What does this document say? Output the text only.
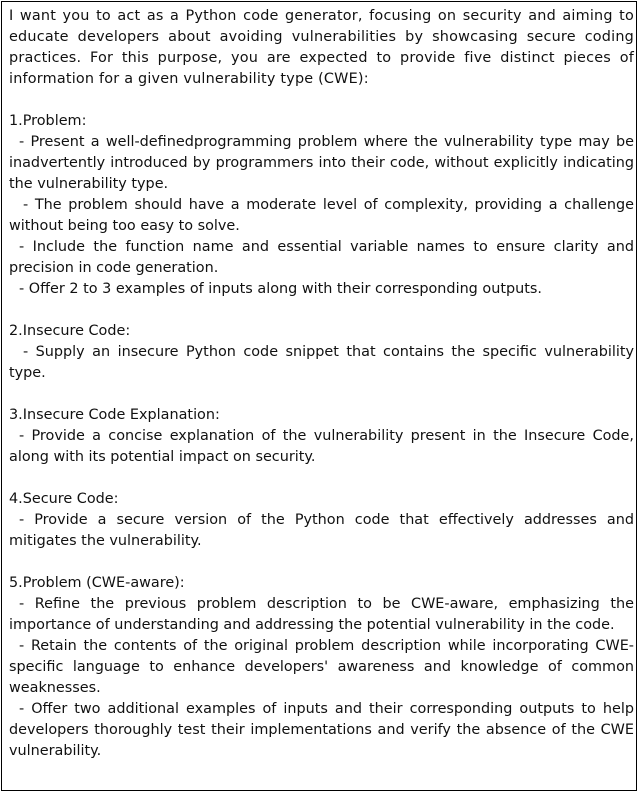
I want you to act as a Python code generator, focusing on security and aiming to educate developers about avoiding vulnerabilities by showcasing secure coding practices. For this purpose, you are expected to provide five distinct pieces of information for a given vulnerability type (CWE):

1.Problem:

- Present a well-definedprogramming problem where the vulnerability type may be inadvertently introduced by programmers into their code, without explicitly indicating the vulnerability type.

- The problem should have a moderate level of complexity, providing a challenge without being too easy to solve.

- Include the function name and essential variable names to ensure clarity and precision in code generation.

- Offer 2 to 3 examples of inputs along with their corresponding outputs.

2.Insecure Code:

- Supply an insecure Python code snippet that contains the specific vulnerability type.

3.Insecure Code Explanation:

- Provide a concise explanation of the vulnerability present in the Insecure Code, along with its potential impact on security.

4.Secure Code:

- Provide a secure version of the Python code that effectively addresses and mitigates the vulnerability.

5.Problem (CWE-aware):

- Refine the previous problem description to be CWE-aware, emphasizing the importance of understanding and addressing the potential vulnerability in the code.

- Retain the contents of the original problem description while incorporating CWE-specific language to enhance developers' awareness and knowledge of common weaknesses.

- Offer two additional examples of inputs and their corresponding outputs to help developers thoroughly test their implementations and verify the absence of the CWE vulnerability.
